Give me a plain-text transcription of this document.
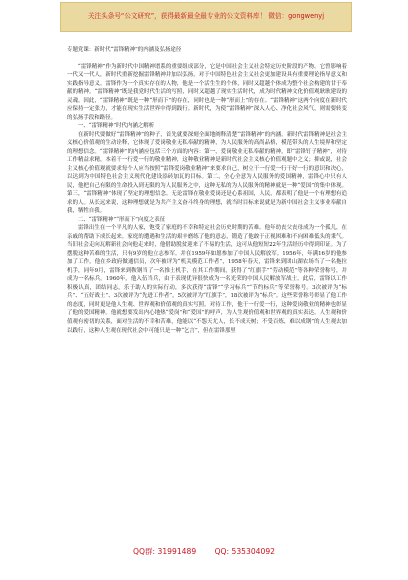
关注头条号“公文研究”，获得最新最全最专业的公文资料库！ 微信：gongwenyj

专题党课：新时代“雷锋精神”的内涵及弘扬途径

“雷锋精神”作为新时代中国精神谱系的重要组成部分，它是中国社会主义社会特定历史阶段的产物。它曾影响着一代又一代人，新时代重新挖掘雷锋精神并加以弘扬，对于中国特色社会主义社会更加建设具有重要理论指导意义和实践指导意义。雷锋作为一个真实存在的人物，他是一个活生生的个体，同时又超越个体成为整个社会构建的甘于奉献的精神。“雷锋精神”既是我党时代生活的写照，同时又超越了现实生活时代，成为时代精神文化价值观耿耿建设的灵魂。因此，“雷锋精神”既是一种“形而下”的存在，同时也是一种“形而上”的存在。“雷锋精神”这两个向度在新时代应保持一定张力，才能在现实生活世界中得到践行。新时代，为使“雷锋精神”深入人心、净化社会风气，则需要转变的弘扬手段和路径。

一、“雷锋精神”时代内涵之解析

在新时代要做好“雷锋精神”的种子，首先就要深刻全面地阐释清楚“雷锋精神”的内涵。新时代雷锋精神是社会主义核心价值观的生动诠释，它体现了爱岗敬业无私奉献的精神，为人民服务的高尚品格，模范带头的人生境界和坚定的理想信念。“雷锋精神”的内涵应包括三个方面的内容：第一，爱岗敬业无私奉献的精神，即“雷锋钉子精神”，对待工作精益求精，本着干一行爱一行的敬业精神，这种敬业精神是新时代社会主义核心价值观题中之义；抑或说，社会主义核心价值观就要求每个人应当按照“雷锋爱岗敬业精神”来要求自己，树立干一行爱一行干好一行的意识和决心，以达到为中国特色社会主义现代化建设添砖加瓦的目标。第二，全心全意为人民服务的爱国精神，雷锋心中只有人民，他把自己有限的生命投入到无限的为人民服务之中，这种无私的为人民服务的精神就是一种“爱国”的集中体现。第三，“雷锋精神”体现了坚定的理想信念。无论雷锋在敬业爱岗还是心系祖国，人民，都表明了他是一个有理想有追求的人。从长远来说，这种理想就是为共产主义奋斗终身的理想，就当时目标来说就是为新中国社会主义事业奉献自我，牺牲自我。

二、“雷锋精神”“形而下”向度之表征

雷锋出生在一个平凡的人家，饱受了家庭的不幸和特定社会历史时期的苦难。他年幼丧父丧母成为一个孤儿，在亲戚的帮助下成长起来。家庭的遭遇和生活的艰辛磨练了他的意志，锻造了他敢于正视困难和不向困难低头的秉气。当旧社会走向瓦解新社会向他走来时，他借助脱贫迎来了不易的生活，这可从他短短22年生活经历中得到印证。为了摆脱这种苦难的生活，只有9岁的他立志参军。并在1959年如愿参加了中国人民解放军。1956年，年满16岁的他参加了工作，他在乡政府做通信员，次年被评为“机关模范工作者”，1958年春天，雷锋来到团山湖农场当了一名拖拉机手，同年9月，雷锋来到鞍钢当了一名推土机手，在其工作期间，获得了“红旗手”“劳动模范”等各种荣誉称号，并成为一名标兵。1960年，他入伍当兵，由于表现优异很快成为一名光荣的中国人民解放军战士。此后，雷锋以工作积极认真，团结同志，乐于助人的实际行动，多次获得“雷锋”“学习标兵”“节约标兵”等荣誉称号。3次被评为“标兵”、“五好战士”、3次被评为“先进工作者”，5次被评为“红旗手”，18次被评为“标兵”。这些荣誉称号彰显了他工作的态度，同时更是他人生观、世界观和价值观的真实写照。对待工作，他干一行爱一行，这种爱岗敬业的精神也彰显了他的爱国精神。他就想要发出内心地热“爱岗”和“爱国”的呼声，为人生观价值观和世界观的真实表达。人生观和价值观有密切的关系，面对生活的不幸和苦难，他能以“不怨天尤人，长不成天树；不受百炼，难以成钢”的人生观去加以践行，这种人生观在现代社会中可能只是一种“乞言”，但在雷锋那里

QQ群: 31991489 QQ: 535304092
